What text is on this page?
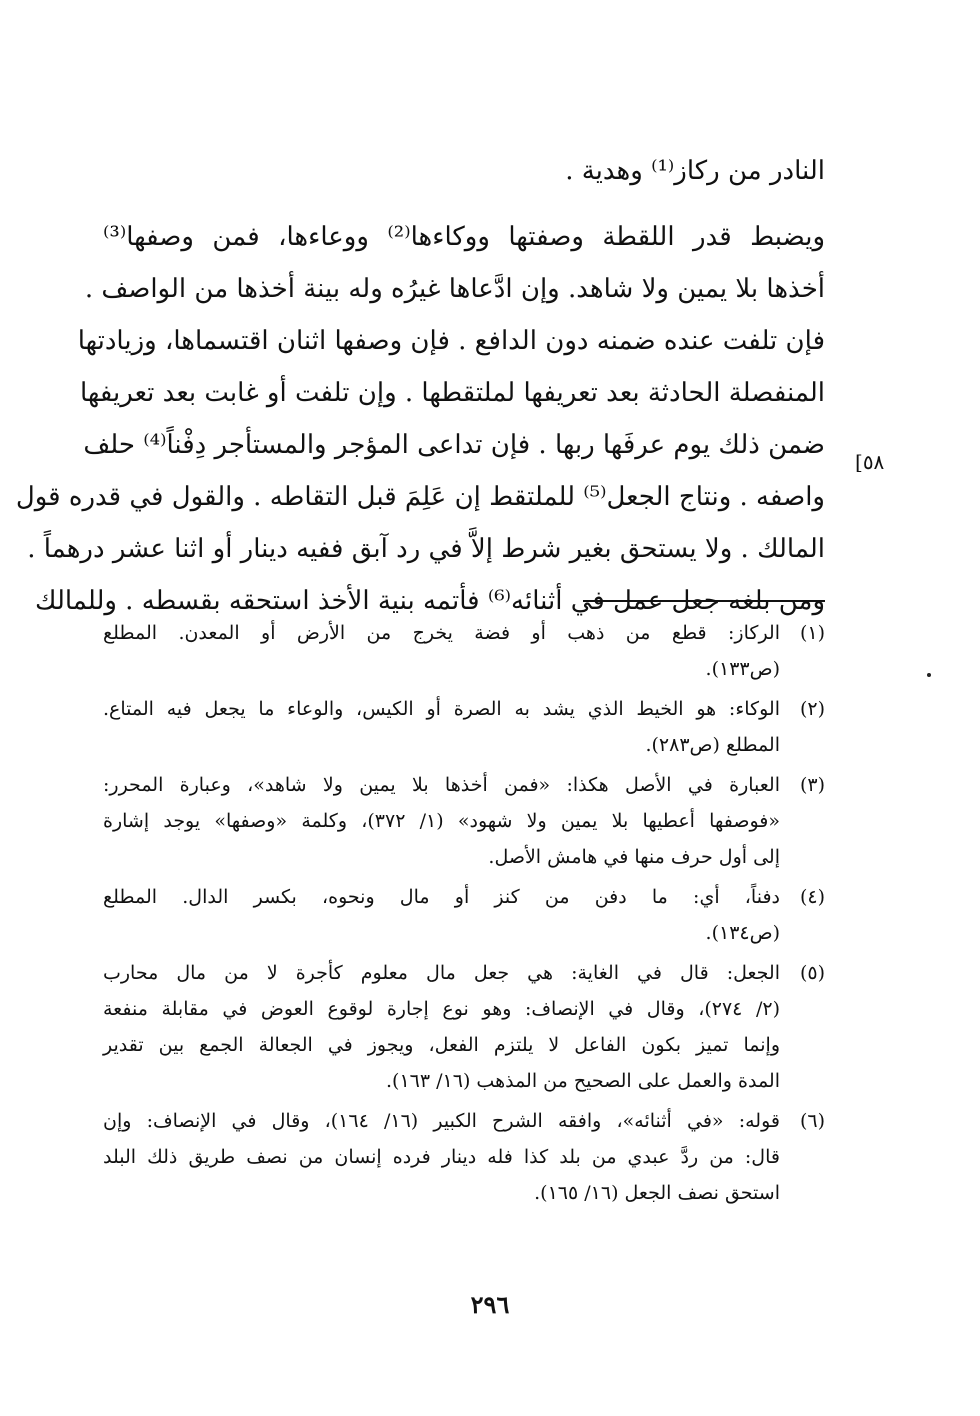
[٥٨
النادر من ركاز⁽¹⁾ وهدية .
ويضبط قدر اللقطة وصفتها ووكاءها⁽²⁾ ووعاءها، فمن وصفها⁽³⁾
أخذها بلا يمين ولا شاهد. وإن ادَّعاها غيرُه وله بينة أخذها من الواصف .
فإن تلفت عنده ضمنه دون الدافع . فإن وصفها اثنان اقتسماها، وزيادتها
المنفصلة الحادثة بعد تعريفها لملتقطها . وإن تلفت أو غابت بعد تعريفها
ضمن ذلك يوم عرفَها ربها . فإن تداعى المؤجر والمستأجر دِفْناً⁽⁴⁾ حلف
واصفه . ونتاج الجعل⁽⁵⁾ للملتقط إن عَلِمَ قبل التقاطه . والقول في قدره قول
المالك . ولا يستحق بغير شرط إلاَّ في رد آبق ففيه دينار أو اثنا عشر درهماً .
ومن بلغه جعل عمل في أثنائه⁽⁶⁾ فأتمه بنية الأخذ استحقه بقسطه . وللمالك
(١)
الركاز: قطع من ذهب أو فضة يخرج من الأرض أو المعدن. المطلع
(ص١٣٣).
(٢)
الوكاء: هو الخيط الذي يشد به الصرة أو الكيس، والوعاء ما يجعل فيه المتاع.
المطلع (ص٢٨٣).
(٣)
العبارة في الأصل هكذا: «فمن أخذها بلا يمين ولا شاهد»، وعبارة المحرر:
«فوصفها أعطيها بلا يمين ولا شهود» (١/ ٣٧٢)، وكلمة «وصفها» يوجد إشارة
إلى أول حرف منها في هامش الأصل.
(٤)
دفناً، أي: ما دفن من كنز أو مال ونحوه، بكسر الدال. المطلع
(ص١٣٤).
(٥)
الجعل: قال في الغاية: هي جعل مال معلوم كأجرة لا من مال محارب
(٢/ ٢٧٤)، وقال في الإنصاف: وهو نوع إجارة لوقوع العوض في مقابلة منفعة
وإنما تميز بكون الفاعل لا يلتزم الفعل، ويجوز في الجعالة الجمع بين تقدير
المدة والعمل على الصحيح من المذهب (١٦/ ١٦٣).
(٦)
قوله: «في أثنائه»، وافقه الشرح الكبير (١٦/ ١٦٤)، وقال في الإنصاف: وإن
قال: من ردَّ عبدي من بلد كذا فله دينار فرده إنسان من نصف طريق ذلك البلد
استحق نصف الجعل (١٦/ ١٦٥).
٢٩٦
